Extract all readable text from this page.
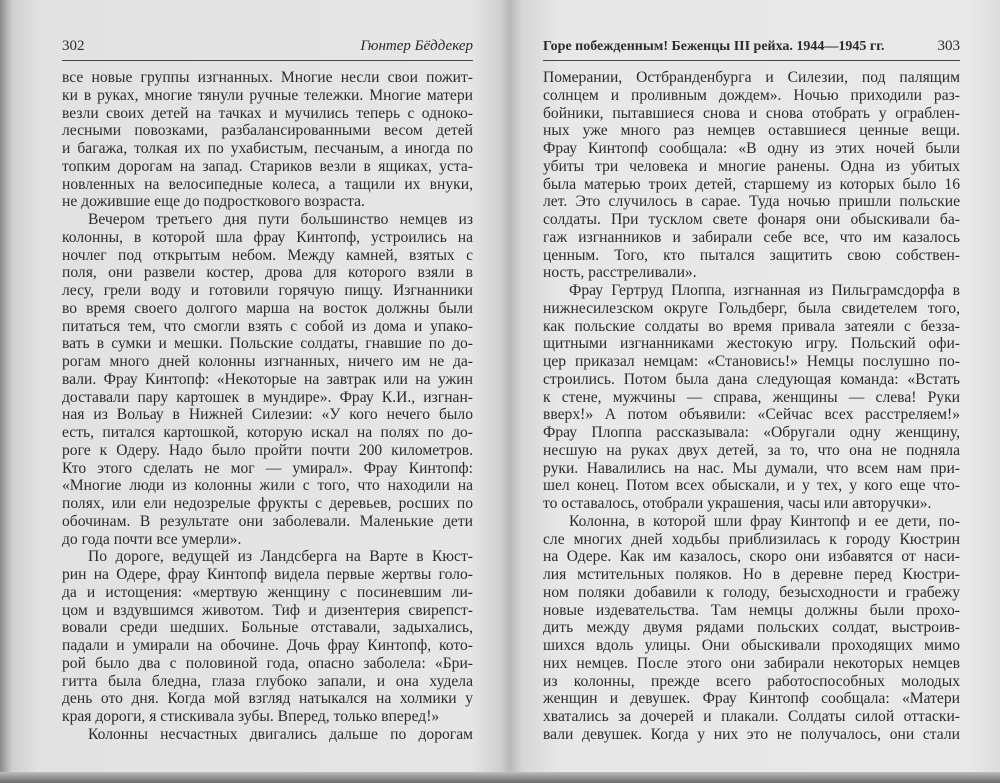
302	Гюнтер Бёддекер
все новые группы изгнанных. Многие несли свои пожит-
ки в руках, многие тянули ручные тележки. Многие матери
везли своих детей на тачках и мучились теперь с одноко-
лесными повозками, разбалансированными весом детей
и багажа, толкая их по ухабистым, песчаным, а иногда по
топким дорогам на запад. Стариков везли в ящиках, уста-
новленных на велосипедные колеса, а тащили их внуки,
не дожившие еще до подросткового возраста.
Вечером третьего дня пути большинство немцев из
колонны, в которой шла фрау Кинтопф, устроились на
ночлег под открытым небом. Между камней, взятых с
поля, они развели костер, дрова для которого взяли в
лесу, грели воду и готовили горячую пищу. Изгнанники
во время своего долгого марша на восток должны были
питаться тем, что смогли взять с собой из дома и упако-
вать в сумки и мешки. Польские солдаты, гнавшие по до-
рогам много дней колонны изгнанных, ничего им не да-
вали. Фрау Кинтопф: «Некоторые на завтрак или на ужин
доставали пару картошек в мундире». Фрау К.И., изгнан-
ная из Вольау в Нижней Силезии: «У кого нечего было
есть, питался картошкой, которую искал на полях по до-
роге к Одеру. Надо было пройти почти 200 километров.
Кто этого сделать не мог — умирал». Фрау Кинтопф:
«Многие люди из колонны жили с того, что находили на
полях, или ели недозрелые фрукты с деревьев, росших по
обочинам. В результате они заболевали. Маленькие дети
до года почти все умерли».
По дороге, ведущей из Ландсберга на Варте в Кюст-
рин на Одере, фрау Кинтопф видела первые жертвы голо-
да и истощения: «мертвую женщину с посиневшим ли-
цом и вздувшимся животом. Тиф и дизентерия свирепст-
вовали среди шедших. Больные отставали, задыхались,
падали и умирали на обочине. Дочь фрау Кинтопф, кото-
рой было два с половиной года, опасно заболела: «Бри-
гитта была бледна, глаза глубоко запали, и она худела
день ото дня. Когда мой взгляд натыкался на холмики у
края дороги, я стискивала зубы. Вперед, только вперед!»
Колонны несчастных двигались дальше по дорогам
Горе побежденным! Беженцы III рейха. 1944—1945 гг.	303
Померании, Остбранденбурга и Силезии, под палящим
солнцем и проливным дождем». Ночью приходили раз-
бойники, пытавшиеся снова и снова отобрать у ограблен-
ных уже много раз немцев оставшиеся ценные вещи.
Фрау Кинтопф сообщала: «В одну из этих ночей были
убиты три человека и многие ранены. Одна из убитых
была матерью троих детей, старшему из которых было 16
лет. Это случилось в сарае. Туда ночью пришли польские
солдаты. При тусклом свете фонаря они обыскивали ба-
гаж изгнанников и забирали себе все, что им казалось
ценным. Того, кто пытался защитить свою собствен-
ность, расстреливали».
Фрау Гертруд Плоппа, изгнанная из Пильграмсдорфа в
нижнесилезском округе Гольдберг, была свидетелем того,
как польские солдаты во время привала затеяли с безза-
щитными изгнанниками жестокую игру. Польский офи-
цер приказал немцам: «Становись!» Немцы послушно по-
строились. Потом была дана следующая команда: «Встать
к стене, мужчины — справа, женщины — слева! Руки
вверх!» А потом объявили: «Сейчас всех расстреляем!»
Фрау Плоппа рассказывала: «Обругали одну женщину,
несшую на руках двух детей, за то, что она не подняла
руки. Навалились на нас. Мы думали, что всем нам при-
шел конец. Потом всех обыскали, и у тех, у кого еще что-
то оставалось, отобрали украшения, часы или авторучки».
Колонна, в которой шли фрау Кинтопф и ее дети, по-
сле многих дней ходьбы приблизилась к городу Кюстрин
на Одере. Как им казалось, скоро они избавятся от наси-
лия мстительных поляков. Но в деревне перед Кюстри-
ном поляки добавили к голоду, безысходности и грабежу
новые издевательства. Там немцы должны были прохо-
дить между двумя рядами польских солдат, выстроив-
шихся вдоль улицы. Они обыскивали проходящих мимо
них немцев. После этого они забирали некоторых немцев
из колонны, прежде всего работоспособных молодых
женщин и девушек. Фрау Кинтопф сообщала: «Матери
хватались за дочерей и плакали. Солдаты силой оттаски-
вали девушек. Когда у них это не получалось, они стали
